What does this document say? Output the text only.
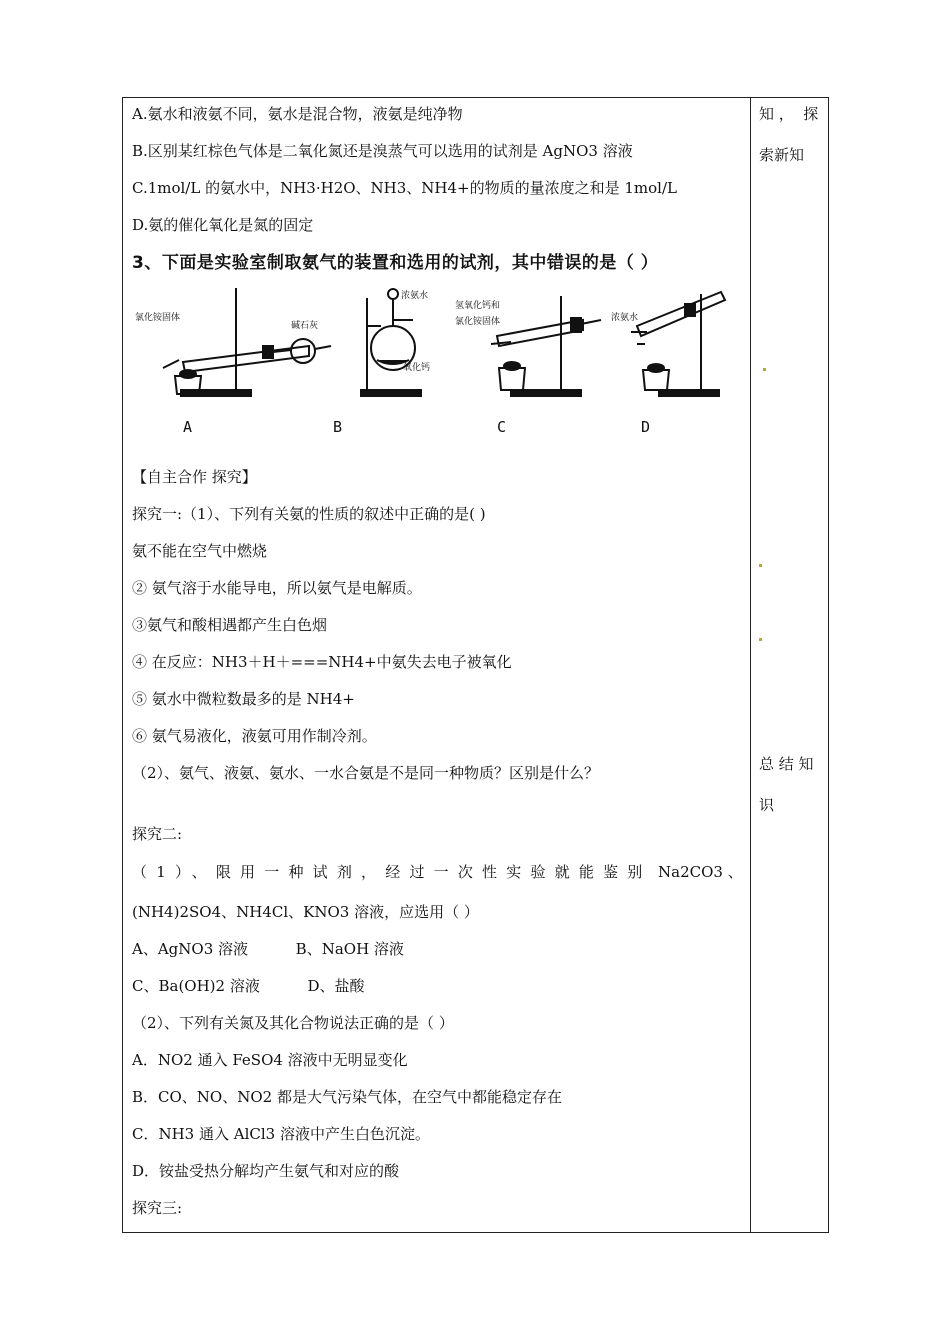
A.氨水和液氨不同，氨水是混合物，液氨是纯净物
B.区别某红棕色气体是二氧化氮还是溴蒸气可以选用的试剂是 AgNO3 溶液
C.1mol/L 的氨水中，NH3·H2O、NH3、NH4+的物质的量浓度之和是 1mol/L
D.氨的催化氧化是氮的固定
3、下面是实验室制取氨气的装置和选用的试剂，其中错误的是（ ）
氯化铵固体
碱石灰
浓氨水
氧化钙
氢氧化钙和
氯化铵固体	浓氨水
A	B	C	D
【自主合作 探究】
探究一:（1）、下列有关氨的性质的叙述中正确的是( )
氨不能在空气中燃烧
② 氨气溶于水能导电，所以氨气是电解质。
③氨气和酸相遇都产生白色烟
④ 在反应：NH3＋H＋===NH4+中氨失去电子被氧化
⑤ 氨水中微粒数最多的是 NH4+
⑥ 氨气易液化，液氨可用作制冷剂。
（2）、氨气、液氨、氨水、一水合氨是不是同一种物质？区别是什么？
探究二:
（1）、限用一种试剂，经过一次性实验就能鉴别 Na2CO3 、
(NH4)2SO4、NH4Cl、KNO3 溶液，应选用（ ）
A、AgNO3 溶液          B、NaOH 溶液
C、Ba(OH)2 溶液          D、盐酸
（2）、下列有关氮及其化合物说法正确的是（ ）
A．NO2 通入 FeSO4 溶液中无明显变化
B．CO、NO、NO2 都是大气污染气体，在空气中都能稳定存在
C．NH3 通入 AlCl3 溶液中产生白色沉淀。
D．铵盐受热分解均产生氨气和对应的酸
探究三:
知 ，  探
索新知
总 结 知
识
